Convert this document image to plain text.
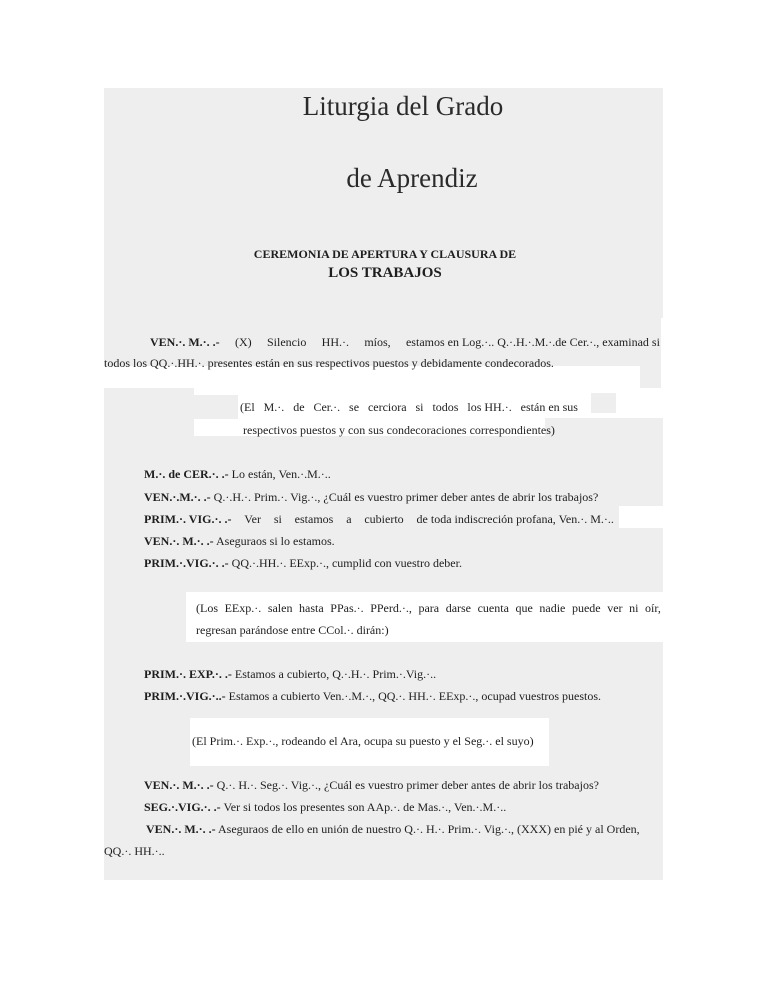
Liturgia del Grado
de Aprendiz
CEREMONIA DE APERTURA Y CLAUSURA DE
LOS TRABAJOS
VEN.·. M.·. .- (X) Silencio HH.·. míos, estamos en Log.·.. Q.·.H.·.M.·.de Cer.·., examinad si
todos los QQ.·.HH.·. presentes están en sus respectivos puestos y debidamente condecorados.
(El M.·. de Cer.·. se cerciora si todos los HH.·. están en sus
respectivos puestos y con sus condecoraciones correspondientes)
M.·. de CER.·. .- Lo están, Ven.·.M.·..
VEN.·.M.·. .- Q.·.H.·. Prim.·. Vig.·., ¿Cuál es vuestro primer deber antes de abrir los trabajos?
PRIM.·. VIG.·. .- Ver si estamos a cubierto de toda indiscreción profana, Ven.·. M.·..
VEN.·. M.·. .- Aseguraos si lo estamos.
PRIM.·.VIG.·. .- QQ.·.HH.·. EExp.·., cumplid con vuestro deber.
(Los EExp.·. salen hasta PPas.·. PPerd.·., para darse cuenta que nadie puede ver ni oír,
regresan parándose entre CCol.·. dirán:)
PRIM.·. EXP.·. .- Estamos a cubierto, Q.·.H.·. Prim.·.Vig.·..
PRIM.·.VIG.·..- Estamos a cubierto Ven.·.M.·., QQ.·. HH.·. EExp.·., ocupad vuestros puestos.
(El Prim.·. Exp.·., rodeando el Ara, ocupa su puesto y el Seg.·. el suyo)
VEN.·. M.·. .- Q.·. H.·. Seg.·. Vig.·., ¿Cuál es vuestro primer deber antes de abrir los trabajos?
SEG.·.VIG.·. .- Ver si todos los presentes son AAp.·. de Mas.·., Ven.·.M.·..
VEN.·. M.·. .- Aseguraos de ello en unión de nuestro Q.·. H.·. Prim.·. Vig.·., (XXX) en pié y al Orden,
QQ.·. HH.·..
